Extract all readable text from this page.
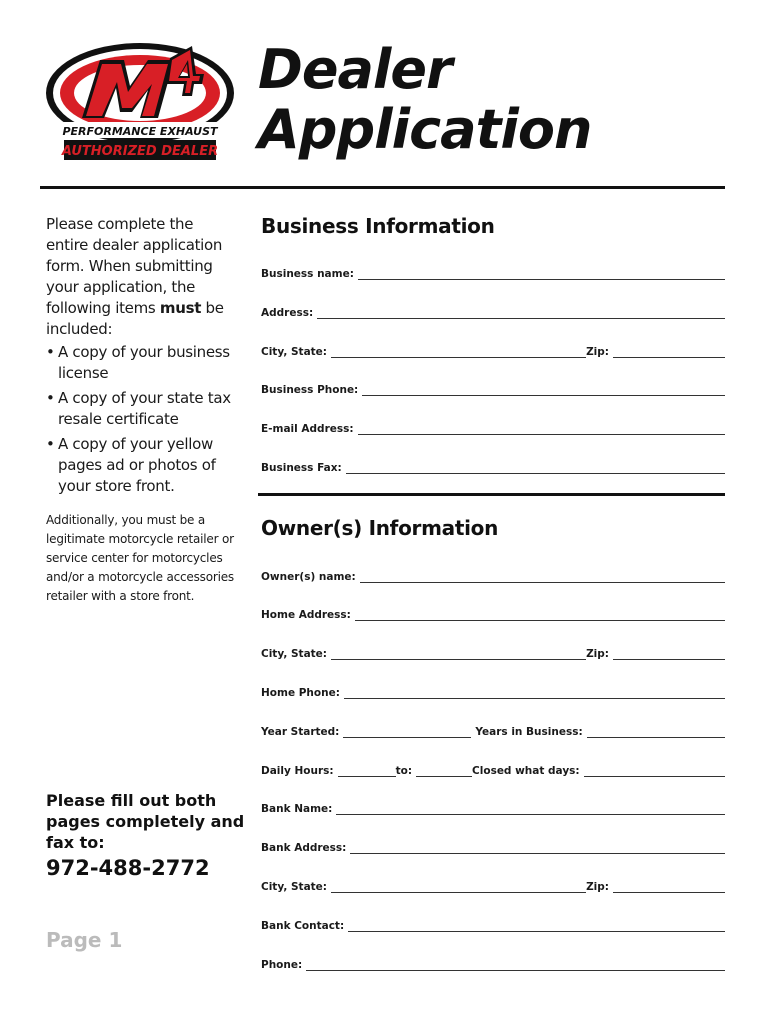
PERFORMANCE EXHAUST
AUTHORIZED DEALER
Dealer
Application

Please complete the entire dealer application form. When submitting your application, the following items must be included:

• A copy of your business license
• A copy of your state tax resale certificate
• A copy of your yellow pages ad or photos of your store front.

Additionally, you must be a legitimate motorcycle retailer or service center for motorcycles and/or a motorcycle accessories retailer with a store front.

Please fill out both pages completely and fax to:
972-488-2772
Page 1
Business Information
Business name:
Address:
City, State:	Zip:
Business Phone:
E-mail Address:
Business Fax:
Owner(s) Information
Owner(s) name:
Home Address:
City, State:	Zip:
Home Phone:
Year Started:	Years in Business:
Daily Hours:	to:	Closed what days:
Bank Name:
Bank Address:
City, State:	Zip:
Bank Contact:
Phone:
